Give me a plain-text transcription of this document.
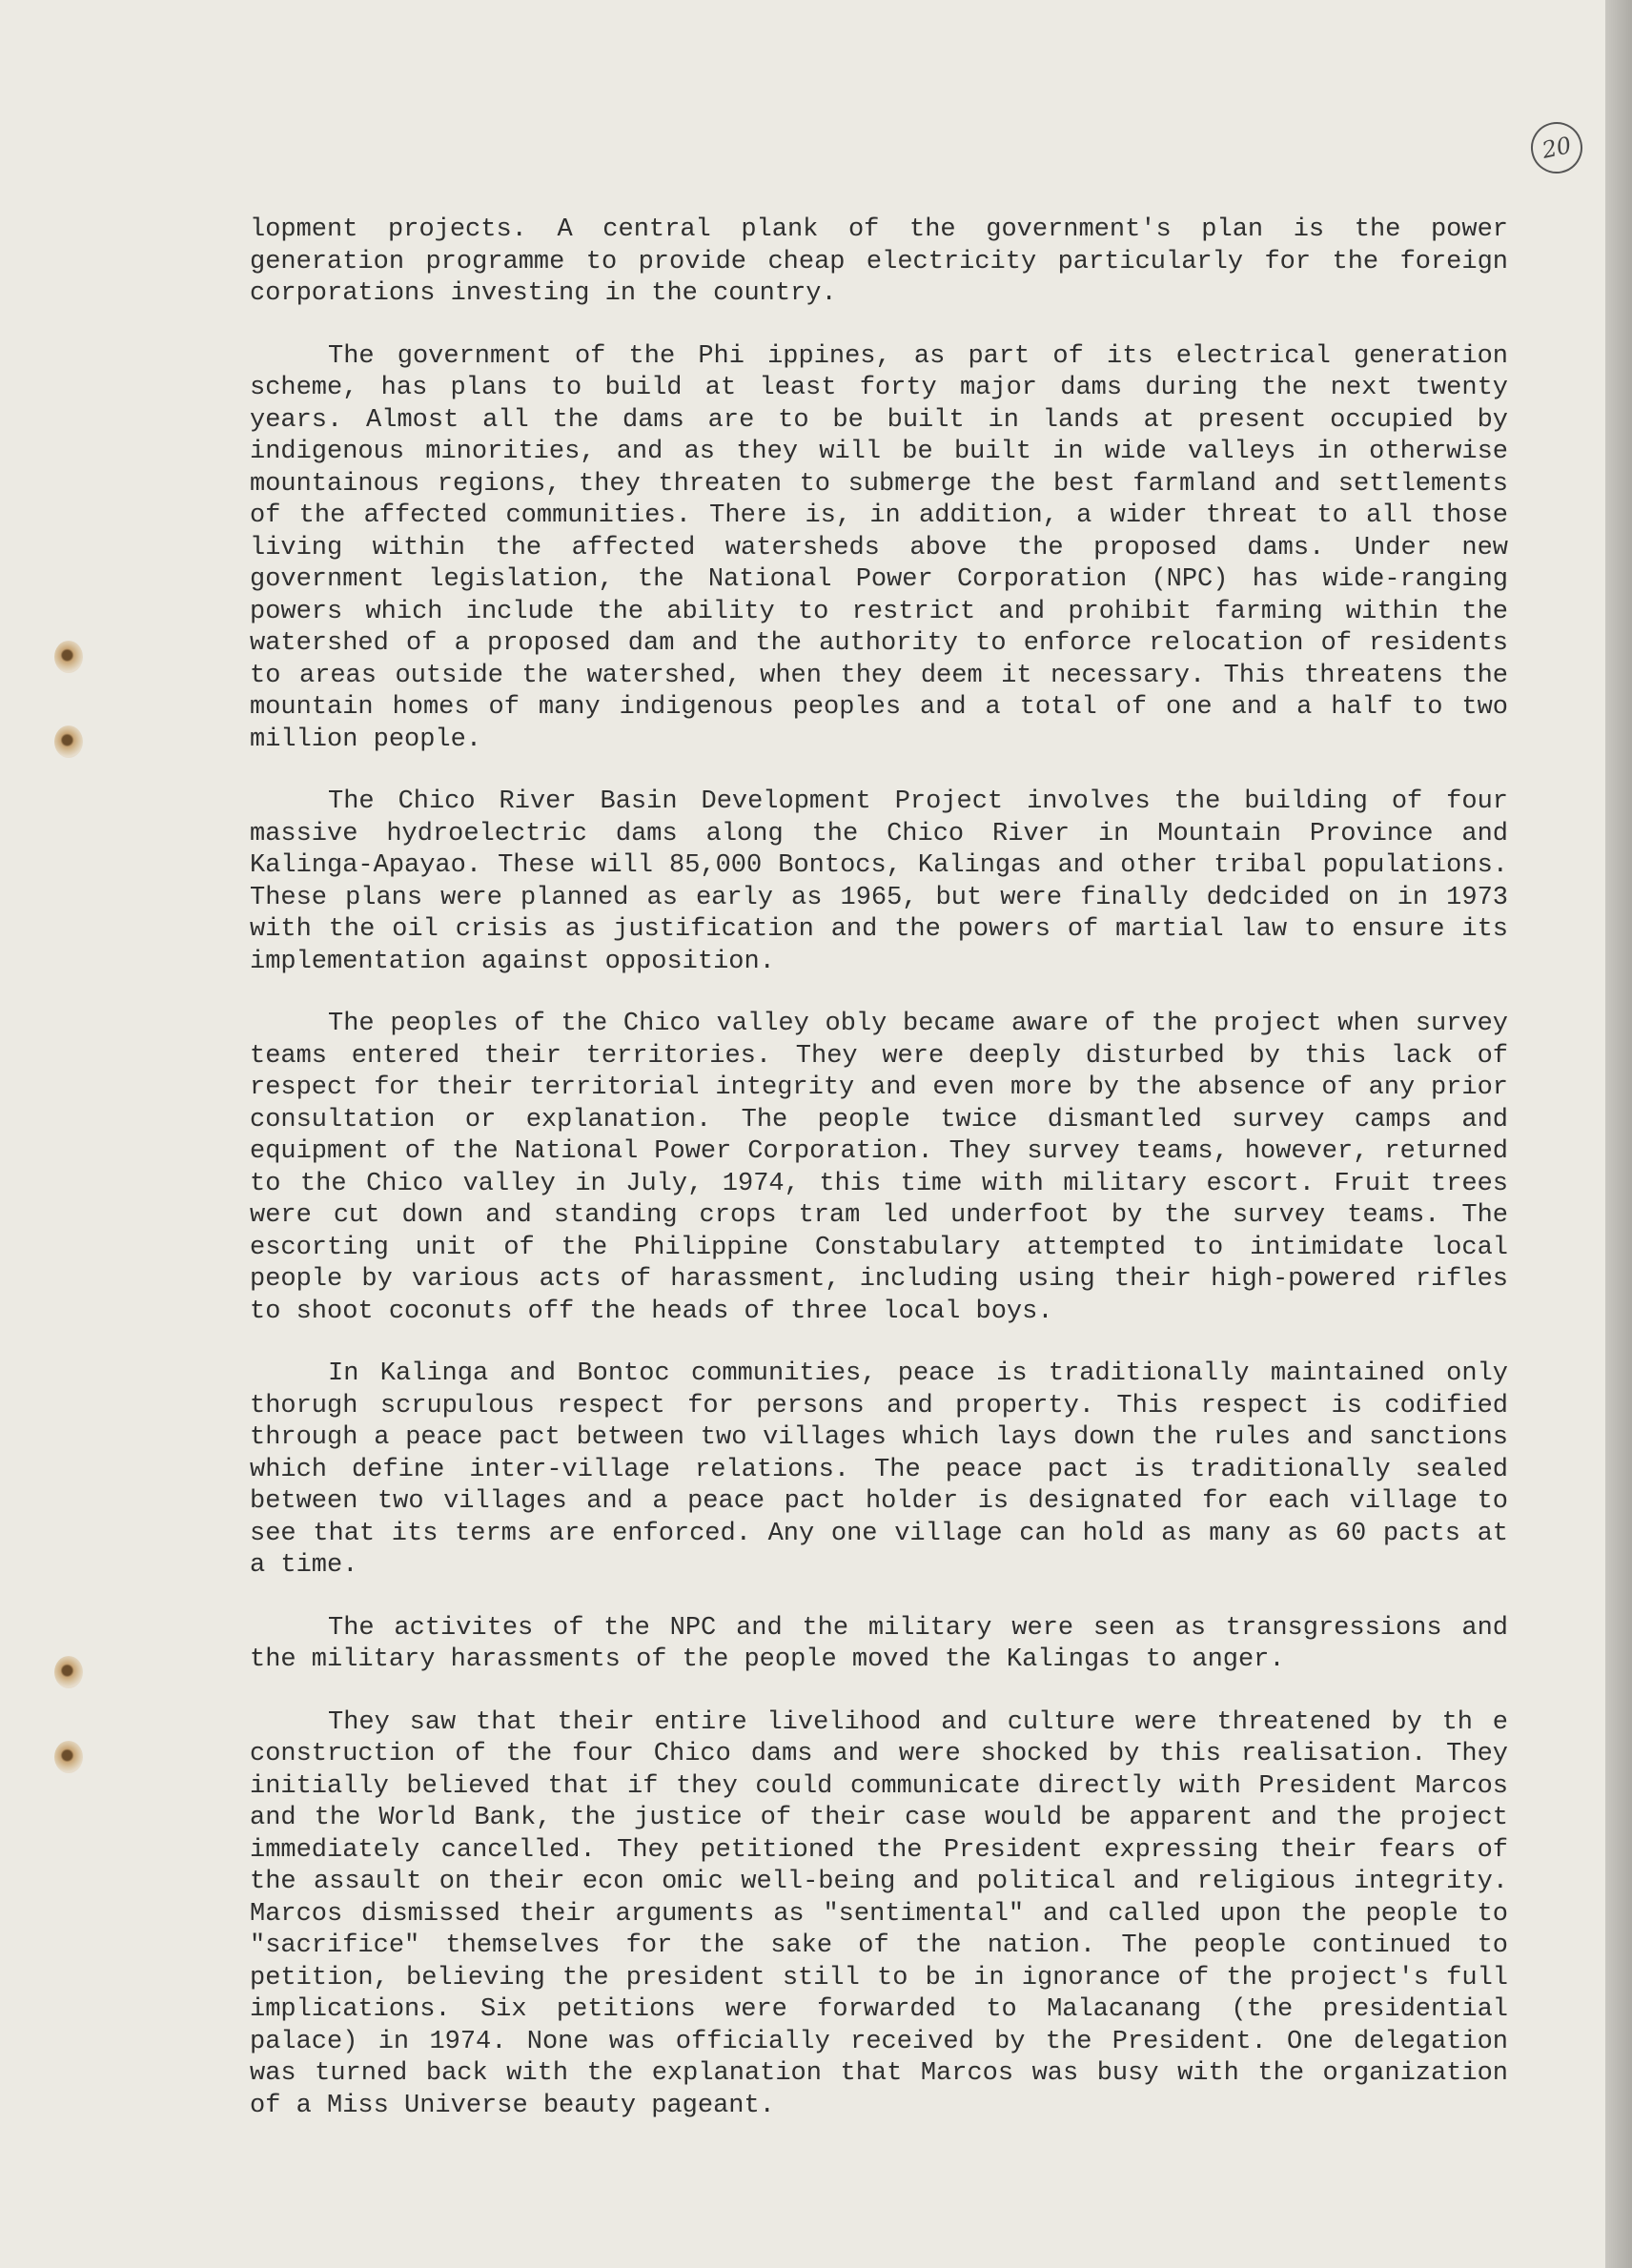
20

lopment projects. A central plank of the government's plan is the power generation programme to provide cheap electricity particularly for the foreign corporations investing in the country.

The government of the Phi ippines, as part of its electrical generation scheme, has plans to build at least forty major dams during the next twenty years. Almost all the dams are to be built in lands at present occupied by indigenous minorities, and as they will be built in wide valleys in otherwise mountainous regions, they threaten to submerge the best farmland and settlements of the affected communities. There is, in addition, a wider threat to all those living within the affected watersheds above the proposed dams. Under new government legislation, the National Power Corporation (NPC) has wide-ranging powers which include the ability to restrict and prohibit farming within the watershed of a proposed dam and the authority to enforce relocation of residents to areas outside the watershed, when they deem it necessary. This threatens the mountain homes of many indigenous peoples and a total of one and a half to two million people.

The Chico River Basin Development Project involves the building of four massive hydroelectric dams along the Chico River in Mountain Province and Kalinga-Apayao. These will 85,000 Bontocs, Kalingas and other tribal populations. These plans were planned as early as 1965, but were finally dedcided on in 1973 with the oil crisis as justification and the powers of martial law to ensure its implementation against opposition.

The peoples of the Chico valley obly became aware of the project when survey teams entered their territories. They were deeply disturbed by this lack of respect for their territorial integrity and even more by the absence of any prior consultation or explanation. The people twice dismantled survey camps and equipment of the National Power Corporation. They survey teams, however, returned to the Chico valley in July, 1974, this time with military escort. Fruit trees were cut down and standing crops tram led underfoot by the survey teams. The escorting unit of the Philippine Constabulary attempted to intimidate local people by various acts of harassment, including using their high-powered rifles to shoot coconuts off the heads of three local boys.

In Kalinga and Bontoc communities, peace is traditionally maintained only thorugh scrupulous respect for persons and property. This respect is codified through a peace pact between two villages which lays down the rules and sanctions which define inter-village relations. The peace pact is traditionally sealed between two villages and a peace pact holder is designated for each village to see that its terms are enforced. Any one village can hold as many as 60 pacts at a time.

The activites of the NPC and the military were seen as transgressions and the military harassments of the people moved the Kalingas to anger.

They saw that their entire livelihood and culture were threatened by th e construction of the four Chico dams and were shocked by this realisation. They initially believed that if they could communicate directly with President Marcos and the World Bank, the justice of their case would be apparent and the project immediately cancelled. They petitioned the President expressing their fears of the assault on their econ omic well-being and political and religious integrity. Marcos dismissed their arguments as "sentimental" and called upon the people to "sacrifice" themselves for the sake of the nation. The people continued to petition, believing the president still to be in ignorance of the project's full implications. Six petitions were forwarded to Malacanang (the presidential palace) in 1974. None was officially received by the President. One delegation was turned back with the explanation that Marcos was busy with the organization of a Miss Universe beauty pageant.
